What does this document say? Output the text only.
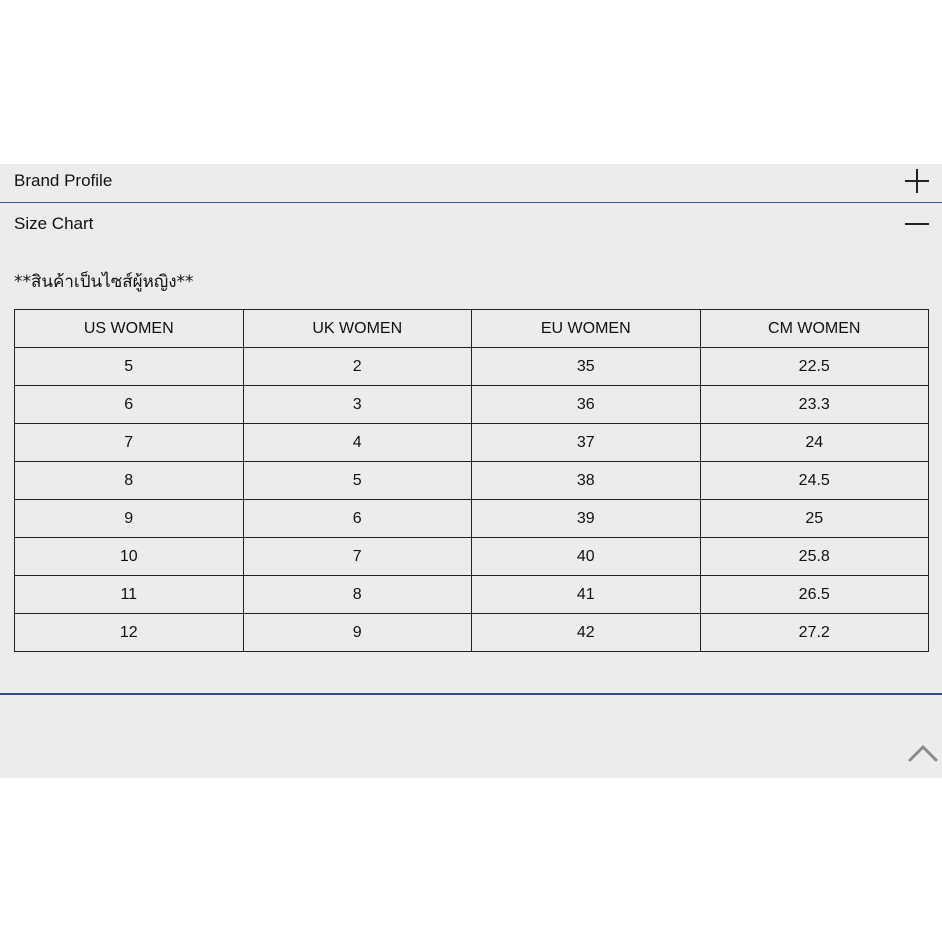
Brand Profile
Size Chart
**สินค้าเป็นไซส์ผู้หญิง**
US WOMEN	UK WOMEN	EU WOMEN	CM WOMEN
5	2	35	22.5
6	3	36	23.3
7	4	37	24
8	5	38	24.5
9	6	39	25
10	7	40	25.8
11	8	41	26.5
12	9	42	27.2
